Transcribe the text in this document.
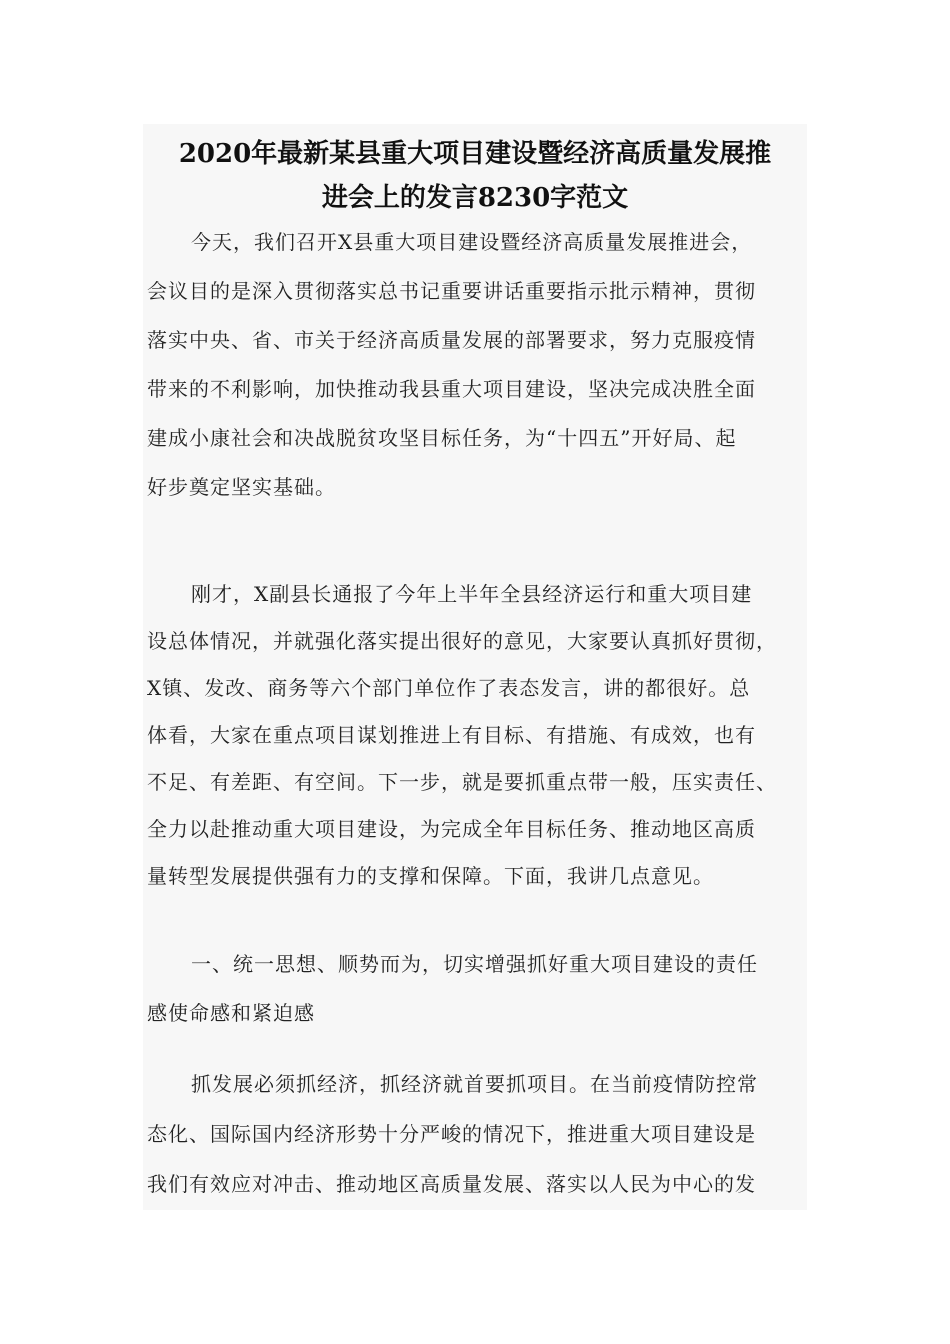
2020年最新某县重大项目建设暨经济高质量发展推
进会上的发言8230字范文
今天，我们召开X县重大项目建设暨经济高质量发展推进会，
会议目的是深入贯彻落实总书记重要讲话重要指示批示精神，贯彻
落实中央、省、市关于经济高质量发展的部署要求，努力克服疫情
带来的不利影响，加快推动我县重大项目建设，坚决完成决胜全面
建成小康社会和决战脱贫攻坚目标任务，为“十四五”开好局、起
好步奠定坚实基础。
刚才，X副县长通报了今年上半年全县经济运行和重大项目建
设总体情况，并就强化落实提出很好的意见，大家要认真抓好贯彻，
X镇、发改、商务等六个部门单位作了表态发言，讲的都很好。总
体看，大家在重点项目谋划推进上有目标、有措施、有成效，也有
不足、有差距、有空间。下一步，就是要抓重点带一般，压实责任、
全力以赴推动重大项目建设，为完成全年目标任务、推动地区高质
量转型发展提供强有力的支撑和保障。下面，我讲几点意见。
一、统一思想、顺势而为，切实增强抓好重大项目建设的责任
感使命感和紧迫感
抓发展必须抓经济，抓经济就首要抓项目。在当前疫情防控常
态化、国际国内经济形势十分严峻的情况下，推进重大项目建设是
我们有效应对冲击、推动地区高质量发展、落实以人民为中心的发
